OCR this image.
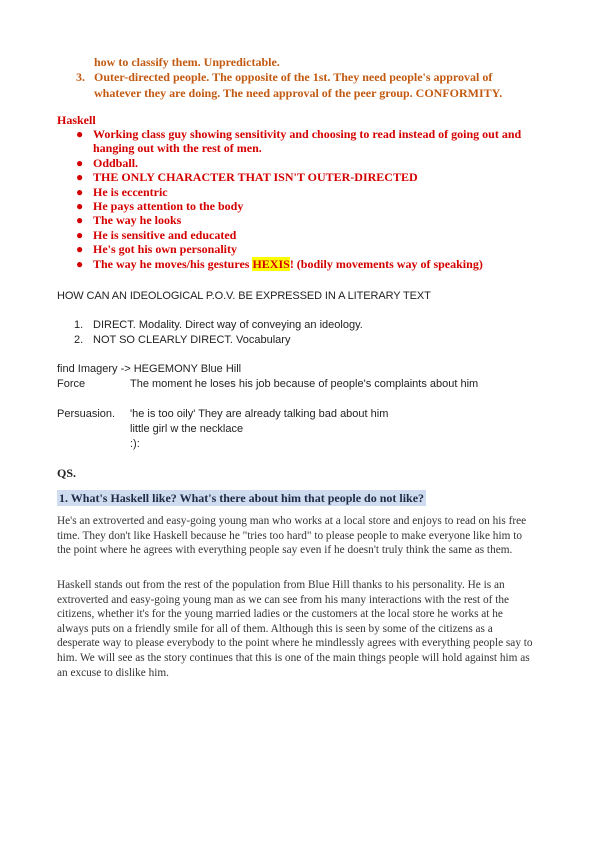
how to classify them. Unpredictable.
3. Outer-directed people. The opposite of the 1st. They need people's approval of
whatever they are doing. The need approval of the peer group. CONFORMITY.
Haskell
● Working class guy showing sensitivity and choosing to read instead of going out and hanging out with the rest of men.
● Oddball.
● THE ONLY CHARACTER THAT ISN'T OUTER-DIRECTED
● He is eccentric
● He pays attention to the body
● The way he looks
● He is sensitive and educated
● He's got his own personality
● The way he moves/his gestures HEXIS! (bodily movements way of speaking)
HOW CAN AN IDEOLOGICAL P.O.V. BE EXPRESSED IN A LITERARY TEXT
1. DIRECT. Modality. Direct way of conveying an ideology.
2. NOT SO CLEARLY DIRECT. Vocabulary
find Imagery -> HEGEMONY Blue Hill
Force	The moment he loses his job because of people's complaints about him
Persuasion. 'he is too oily' They are already talking bad about him
little girl w the necklace
:):
QS.
1. What's Haskell like? What's there about him that people do not like?
He's an extroverted and easy-going young man who works at a local store and enjoys to read on his free time. They don't like Haskell because he "tries too hard" to please people to make everyone like him to the point where he agrees with everything people say even if he doesn't truly think the same as them.
Haskell stands out from the rest of the population from Blue Hill thanks to his personality. He is an extroverted and easy-going young man as we can see from his many interactions with the rest of the citizens, whether it's for the young married ladies or the customers at the local store he works at he always puts on a friendly smile for all of them. Although this is seen by some of the citizens as a desperate way to please everybody to the point where he mindlessly agrees with everything people say to him. We will see as the story continues that this is one of the main things people will hold against him as an excuse to dislike him.
